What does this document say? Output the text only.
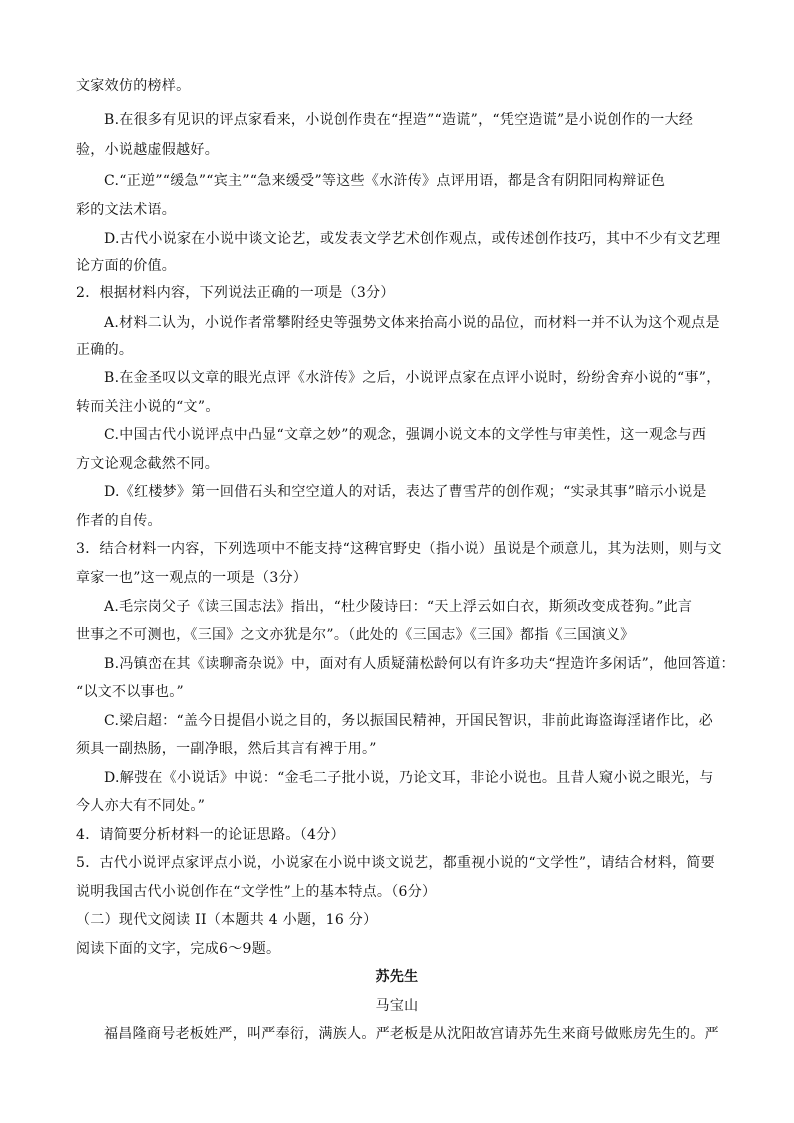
文家效仿的榜样。
B.在很多有见识的评点家看来，小说创作贵在“捏造”“造谎”，“凭空造谎”是小说创作的一大经
验，小说越虚假越好。
C.“正逆”“缓急”“宾主”“急来缓受”等这些《水浒传》点评用语，都是含有阴阳同构辩证色
彩的文法术语。
D.古代小说家在小说中谈文论艺，或发表文学艺术创作观点，或传述创作技巧，其中不少有文艺理
论方面的价值。
2．根据材料内容，下列说法正确的一项是（3分）
A.材料二认为，小说作者常攀附经史等强势文体来抬高小说的品位，而材料一并不认为这个观点是
正确的。
B.在金圣叹以文章的眼光点评《水浒传》之后，小说评点家在点评小说时，纷纷舍弃小说的“事”，
转而关注小说的“文”。
C.中国古代小说评点中凸显“文章之妙”的观念，强调小说文本的文学性与审美性，这一观念与西
方文论观念截然不同。
D.《红楼梦》第一回借石头和空空道人的对话，表达了曹雪芹的创作观；“实录其事”暗示小说是
作者的自传。
3．结合材料一内容，下列选项中不能支持“这稗官野史（指小说）虽说是个顽意儿，其为法则，则与文
章家一也”这一观点的一项是（3分）
A.毛宗岗父子《读三国志法》指出，“杜少陵诗曰：“天上浮云如白衣，斯须改变成苍狗。”此言
世事之不可测也，《三国》之文亦犹是尔”。（此处的《三国志》《三国》都指《三国演义》
B.冯镇峦在其《读聊斋杂说》中，面对有人质疑蒲松龄何以有许多功夫“捏造许多闲话”，他回答道：
“以文不以事也。”
C.梁启超：“盖今日提倡小说之目的，务以振国民精神，开国民智识，非前此诲盗诲淫诸作比，必
须具一副热肠，一副净眼，然后其言有裨于用。”
D.解弢在《小说话》中说：“金毛二子批小说，乃论文耳，非论小说也。且昔人窥小说之眼光，与
今人亦大有不同处。”
4．请简要分析材料一的论证思路。（4分）
5．古代小说评点家评点小说，小说家在小说中谈文说艺，都重视小说的“文学性”，请结合材料，简要
说明我国古代小说创作在“文学性”上的基本特点。（6分）
（二）现代文阅读 II（本题共 4 小题，16 分）
阅读下面的文字，完成6～9题。
苏先生
马宝山
福昌隆商号老板姓严，叫严奉衍，满族人。严老板是从沈阳故宫请苏先生来商号做账房先生的。严
